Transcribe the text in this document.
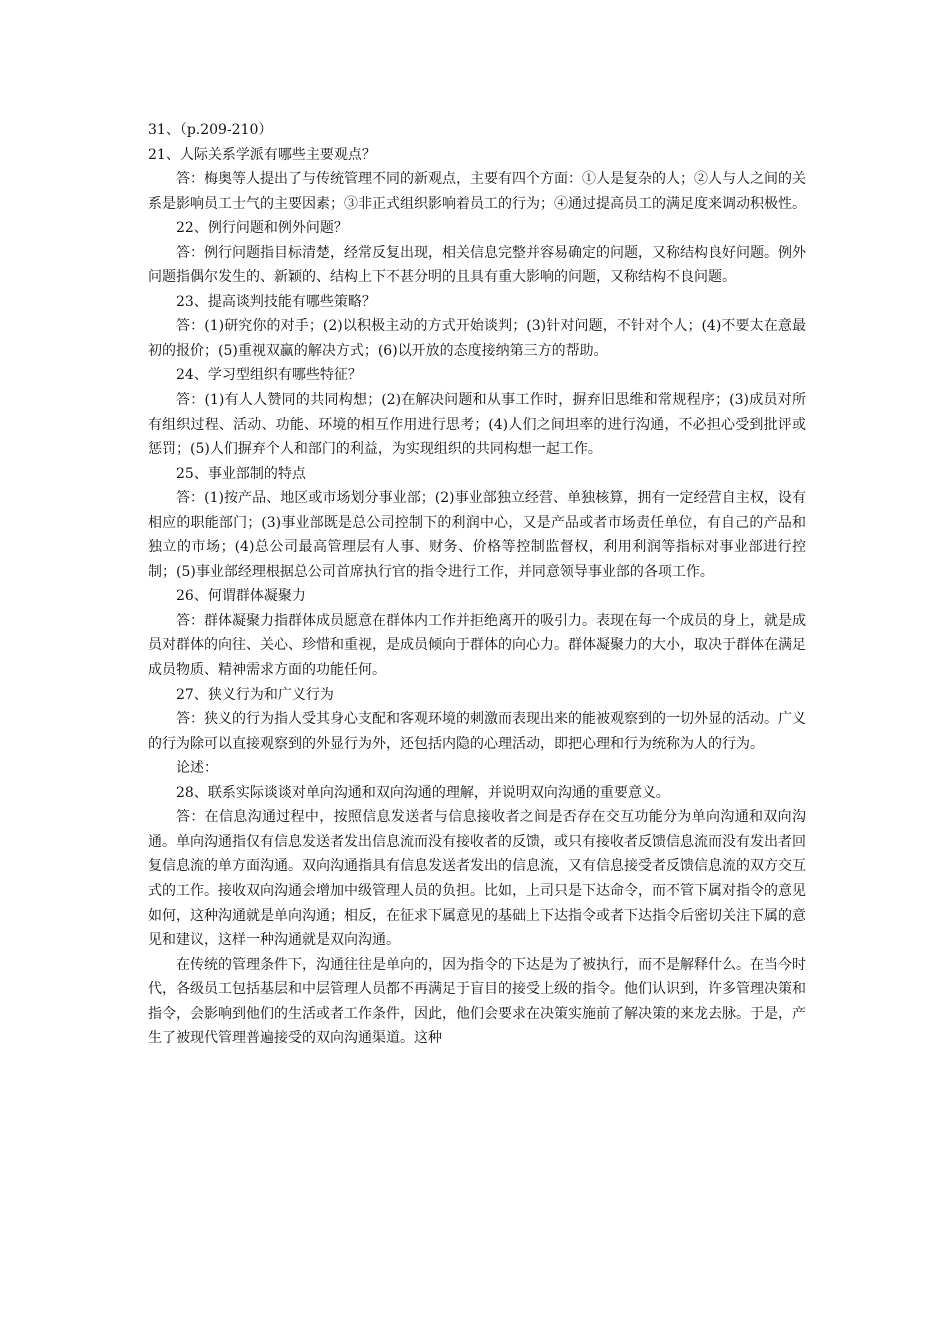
31、（p.209-210）

21、人际关系学派有哪些主要观点？

答：梅奥等人提出了与传统管理不同的新观点，主要有四个方面：①人是复杂的人；②人与人之间的关系是影响员工士气的主要因素；③非正式组织影响着员工的行为；④通过提高员工的满足度来调动积极性。

22、例行问题和例外问题？

答：例行问题指目标清楚，经常反复出现，相关信息完整并容易确定的问题，又称结构良好问题。例外问题指偶尔发生的、新颖的、结构上下不甚分明的且具有重大影响的问题，又称结构不良问题。

23、提高谈判技能有哪些策略？

答：(1)研究你的对手；(2)以积极主动的方式开始谈判；(3)针对问题，不针对个人；(4)不要太在意最初的报价；(5)重视双赢的解决方式；(6)以开放的态度接纳第三方的帮助。

24、学习型组织有哪些特征？

答：(1)有人人赞同的共同构想；(2)在解决问题和从事工作时，摒弃旧思维和常规程序；(3)成员对所有组织过程、活动、功能、环境的相互作用进行思考；(4)人们之间坦率的进行沟通，不必担心受到批评或惩罚；(5)人们摒弃个人和部门的利益，为实现组织的共同构想一起工作。

25、事业部制的特点

答：(1)按产品、地区或市场划分事业部；(2)事业部独立经营、单独核算，拥有一定经营自主权，设有相应的职能部门；(3)事业部既是总公司控制下的利润中心，又是产品或者市场责任单位，有自己的产品和独立的市场；(4)总公司最高管理层有人事、财务、价格等控制监督权，利用利润等指标对事业部进行控制；(5)事业部经理根据总公司首席执行官的指令进行工作，并同意领导事业部的各项工作。

26、何谓群体凝聚力

答：群体凝聚力指群体成员愿意在群体内工作并拒绝离开的吸引力。表现在每一个成员的身上，就是成员对群体的向往、关心、珍惜和重视，是成员倾向于群体的向心力。群体凝聚力的大小，取决于群体在满足成员物质、精神需求方面的功能任何。

27、狭义行为和广义行为

答：狭义的行为指人受其身心支配和客观环境的刺激而表现出来的能被观察到的一切外显的活动。广义的行为除可以直接观察到的外显行为外，还包括内隐的心理活动，即把心理和行为统称为人的行为。

论述：

28、联系实际谈谈对单向沟通和双向沟通的理解，并说明双向沟通的重要意义。

答：在信息沟通过程中，按照信息发送者与信息接收者之间是否存在交互功能分为单向沟通和双向沟通。单向沟通指仅有信息发送者发出信息流而没有接收者的反馈，或只有接收者反馈信息流而没有发出者回复信息流的单方面沟通。双向沟通指具有信息发送者发出的信息流，又有信息接受者反馈信息流的双方交互式的工作。接收双向沟通会增加中级管理人员的负担。比如，上司只是下达命令，而不管下属对指令的意见如何，这种沟通就是单向沟通；相反，在征求下属意见的基础上下达指令或者下达指令后密切关注下属的意见和建议，这样一种沟通就是双向沟通。

在传统的管理条件下，沟通往往是单向的，因为指令的下达是为了被执行，而不是解释什么。在当今时代，各级员工包括基层和中层管理人员都不再满足于盲目的接受上级的指令。他们认识到，许多管理决策和指令，会影响到他们的生活或者工作条件，因此，他们会要求在决策实施前了解决策的来龙去脉。于是，产生了被现代管理普遍接受的双向沟通渠道。这种
